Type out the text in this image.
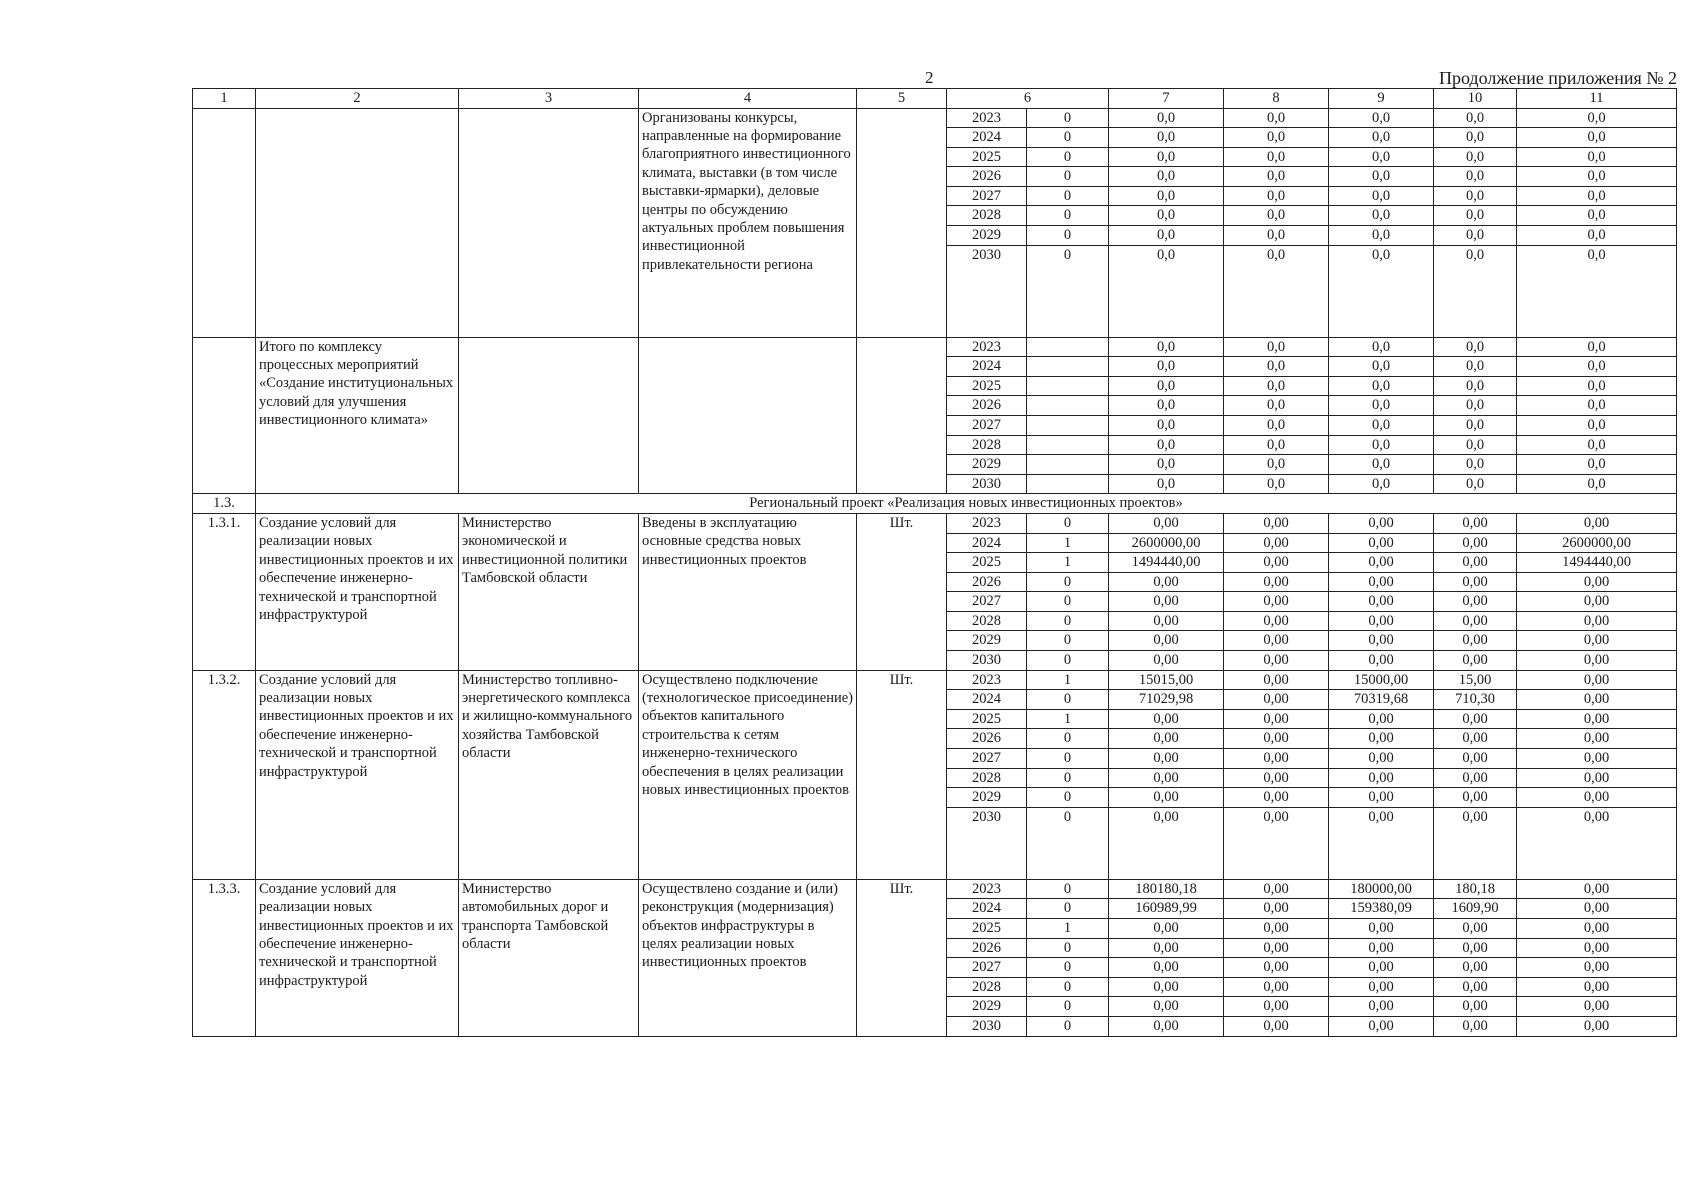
2	Продолжение приложения № 2
1	2	3	4	5	6		7	8	9	10	11
			Организованы конкурсы, направленные на формирование благоприятного инвестиционного климата, выставки (в том числе выставки-ярмарки), деловые центры по обсуждению актуальных проблем повышения инвестиционной привлекательности региона		2023	0	0,0	0,0	0,0	0,0	0,0
					2024	0	0,0	0,0	0,0	0,0	0,0
					2025	0	0,0	0,0	0,0	0,0	0,0
					2026	0	0,0	0,0	0,0	0,0	0,0
					2027	0	0,0	0,0	0,0	0,0	0,0
					2028	0	0,0	0,0	0,0	0,0	0,0
					2029	0	0,0	0,0	0,0	0,0	0,0
					2030	0	0,0	0,0	0,0	0,0	0,0
	Итого по комплексу процессных мероприятий «Создание институциональных условий для улучшения инвестиционного климата»				2023		0,0	0,0	0,0	0,0	0,0
					2024		0,0	0,0	0,0	0,0	0,0
					2025		0,0	0,0	0,0	0,0	0,0
					2026		0,0	0,0	0,0	0,0	0,0
					2027		0,0	0,0	0,0	0,0	0,0
					2028		0,0	0,0	0,0	0,0	0,0
					2029		0,0	0,0	0,0	0,0	0,0
					2030		0,0	0,0	0,0	0,0	0,0
1.3.	Региональный проект «Реализация новых инвестиционных проектов»										
1.3.1.	Создание условий для реализации новых инвестиционных проектов и их обеспечение инженерно-технической и транспортной инфраструктурой	Министерство экономической и инвестиционной политики Тамбовской области	Введены в эксплуатацию основные средства новых инвестиционных проектов	Шт.	2023	0	0,00	0,00	0,00	0,00	0,00
					2024	1	2600000,00	0,00	0,00	0,00	2600000,00
					2025	1	1494440,00	0,00	0,00	0,00	1494440,00
					2026	0	0,00	0,00	0,00	0,00	0,00
					2027	0	0,00	0,00	0,00	0,00	0,00
					2028	0	0,00	0,00	0,00	0,00	0,00
					2029	0	0,00	0,00	0,00	0,00	0,00
					2030	0	0,00	0,00	0,00	0,00	0,00
1.3.2.	Создание условий для реализации новых инвестиционных проектов и их обеспечение инженерно-технической и транспортной инфраструктурой	Министерство топливно-энергетического комплекса и жилищно-коммунального хозяйства Тамбовской области	Осуществлено подключение (технологическое присоединение) объектов капитального строительства к сетям инженерно-технического обеспечения в целях реализации новых инвестиционных проектов	Шт.	2023	1	15015,00	0,00	15000,00	15,00	0,00
					2024	0	71029,98	0,00	70319,68	710,30	0,00
					2025	1	0,00	0,00	0,00	0,00	0,00
					2026	0	0,00	0,00	0,00	0,00	0,00
					2027	0	0,00	0,00	0,00	0,00	0,00
					2028	0	0,00	0,00	0,00	0,00	0,00
					2029	0	0,00	0,00	0,00	0,00	0,00
					2030	0	0,00	0,00	0,00	0,00	0,00
1.3.3.	Создание условий для реализации новых инвестиционных проектов и их обеспечение инженерно-технической и транспортной инфраструктурой	Министерство автомобильных дорог и транспорта Тамбовской области	Осуществлено создание и (или) реконструкция (модернизация) объектов инфраструктуры в целях реализации новых инвестиционных проектов	Шт.	2023	0	180180,18	0,00	180000,00	180,18	0,00
					2024	0	160989,99	0,00	159380,09	1609,90	0,00
					2025	1	0,00	0,00	0,00	0,00	0,00
					2026	0	0,00	0,00	0,00	0,00	0,00
					2027	0	0,00	0,00	0,00	0,00	0,00
					2028	0	0,00	0,00	0,00	0,00	0,00
					2029	0	0,00	0,00	0,00	0,00	0,00
					2030	0	0,00	0,00	0,00	0,00	0,00
